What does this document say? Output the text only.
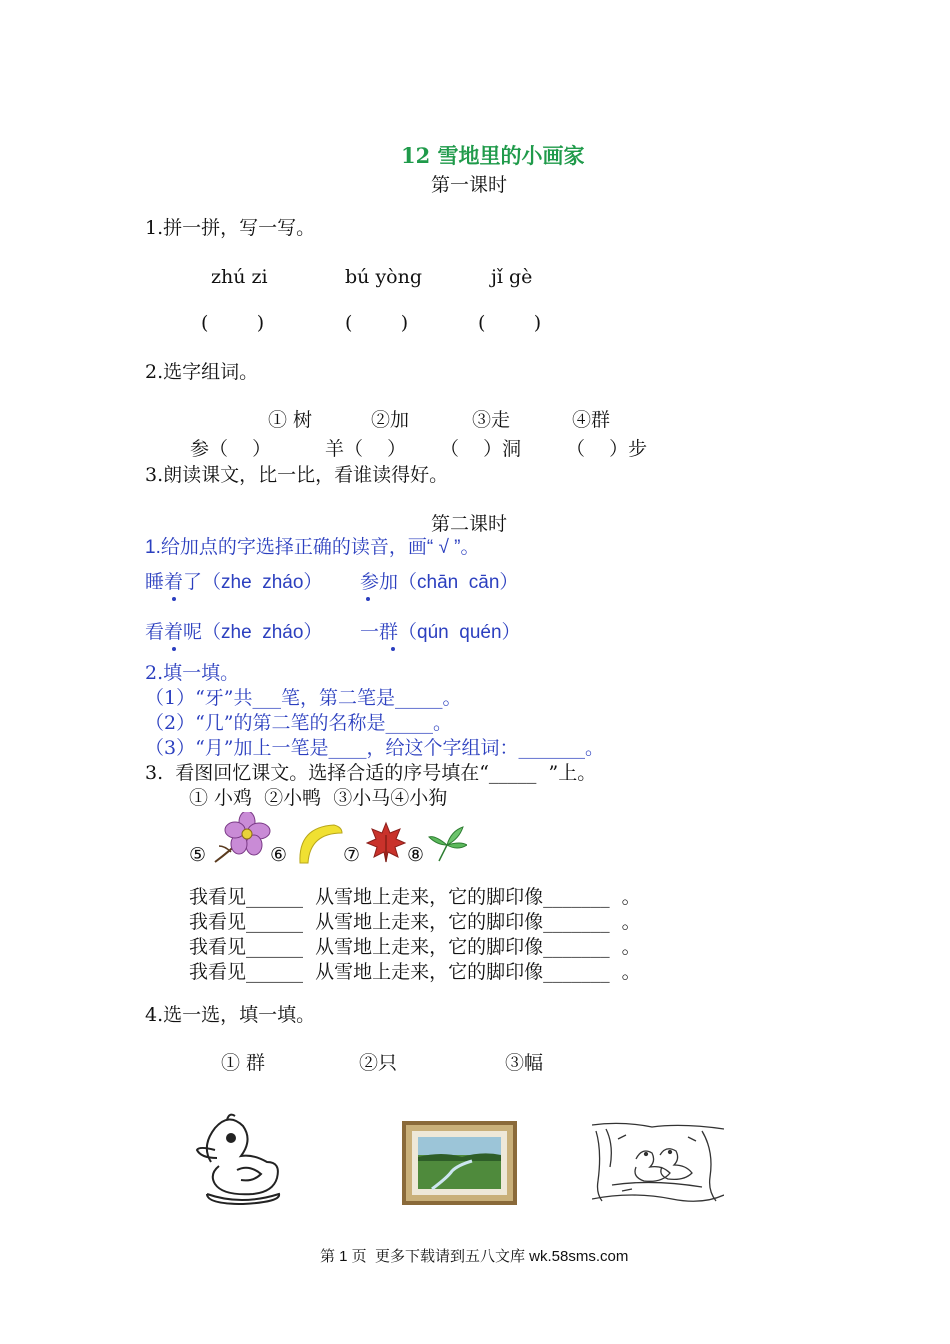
12 雪地里的小画家
第一课时
1.拼一拼，写一写。
zhú zi	bú yòng	jǐ gè
(        )	(        )	(        )
2.选字组词。
① 树	②加	③走	④群
参（    ）	羊（    ） （    ）洞 （    ）步
3.朗读课文，比一比，看谁读得好。
第二课时
1.给加点的字选择正确的读音，画“ √ ”。
睡着了（zhe  zháo） 参加（chān  cān）
看着呢（zhe  zháo） 一群（qún  quén）
2.填一填。
（1）“牙”共___笔，第二笔是_____。
（2）“几”的第二笔的名称是_____。
（3）“月”加上一笔是____，给这个字组词：_______。
3.  看图回忆课文。选择合适的序号填在“_____  ”上。
① 小鸡  ②小鸭  ③小马④小狗
⑤	⑥	⑦ ⑧
我看见______  从雪地上走来，它的脚印像_______  。
我看见______  从雪地上走来，它的脚印像_______  。
我看见______  从雪地上走来，它的脚印像_______  。
我看见______  从雪地上走来，它的脚印像_______  。
4.选一选，填一填。
① 群	②只	③幅
第 1 页  更多下载请到五八文库 wk.58sms.com
